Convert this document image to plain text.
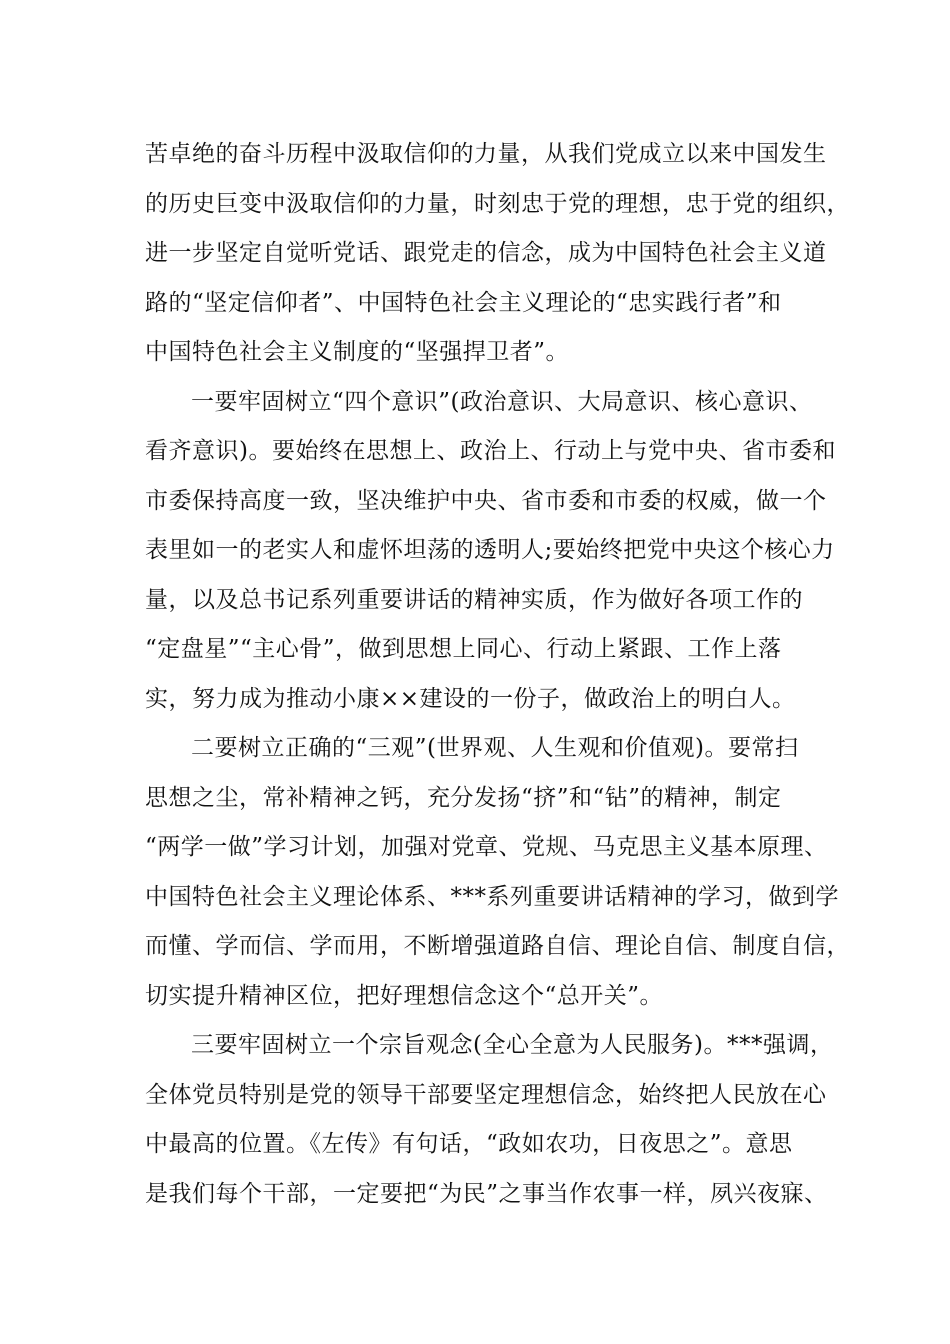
苦卓绝的奋斗历程中汲取信仰的力量，从我们党成立以来中国发生
的历史巨变中汲取信仰的力量，时刻忠于党的理想，忠于党的组织，
进一步坚定自觉听党话、跟党走的信念，成为中国特色社会主义道
路的“坚定信仰者”、中国特色社会主义理论的“忠实践行者”和
中国特色社会主义制度的“坚强捍卫者”。
一要牢固树立“四个意识”(政治意识、大局意识、核心意识、
看齐意识)。要始终在思想上、政治上、行动上与党中央、省市委和
市委保持高度一致，坚决维护中央、省市委和市委的权威，做一个
表里如一的老实人和虚怀坦荡的透明人;要始终把党中央这个核心力
量，以及总书记系列重要讲话的精神实质，作为做好各项工作的
“定盘星”“主心骨”，做到思想上同心、行动上紧跟、工作上落
实，努力成为推动小康××建设的一份子，做政治上的明白人。
二要树立正确的“三观”(世界观、人生观和价值观)。要常扫
思想之尘，常补精神之钙，充分发扬“挤”和“钻”的精神，制定
“两学一做”学习计划，加强对党章、党规、马克思主义基本原理、
中国特色社会主义理论体系、***系列重要讲话精神的学习，做到学
而懂、学而信、学而用，不断增强道路自信、理论自信、制度自信，
切实提升精神区位，把好理想信念这个“总开关”。
三要牢固树立一个宗旨观念(全心全意为人民服务)。***强调，
全体党员特别是党的领导干部要坚定理想信念，始终把人民放在心
中最高的位置。《左传》有句话，“政如农功，日夜思之”。意思
是我们每个干部，一定要把“为民”之事当作农事一样，夙兴夜寐、
